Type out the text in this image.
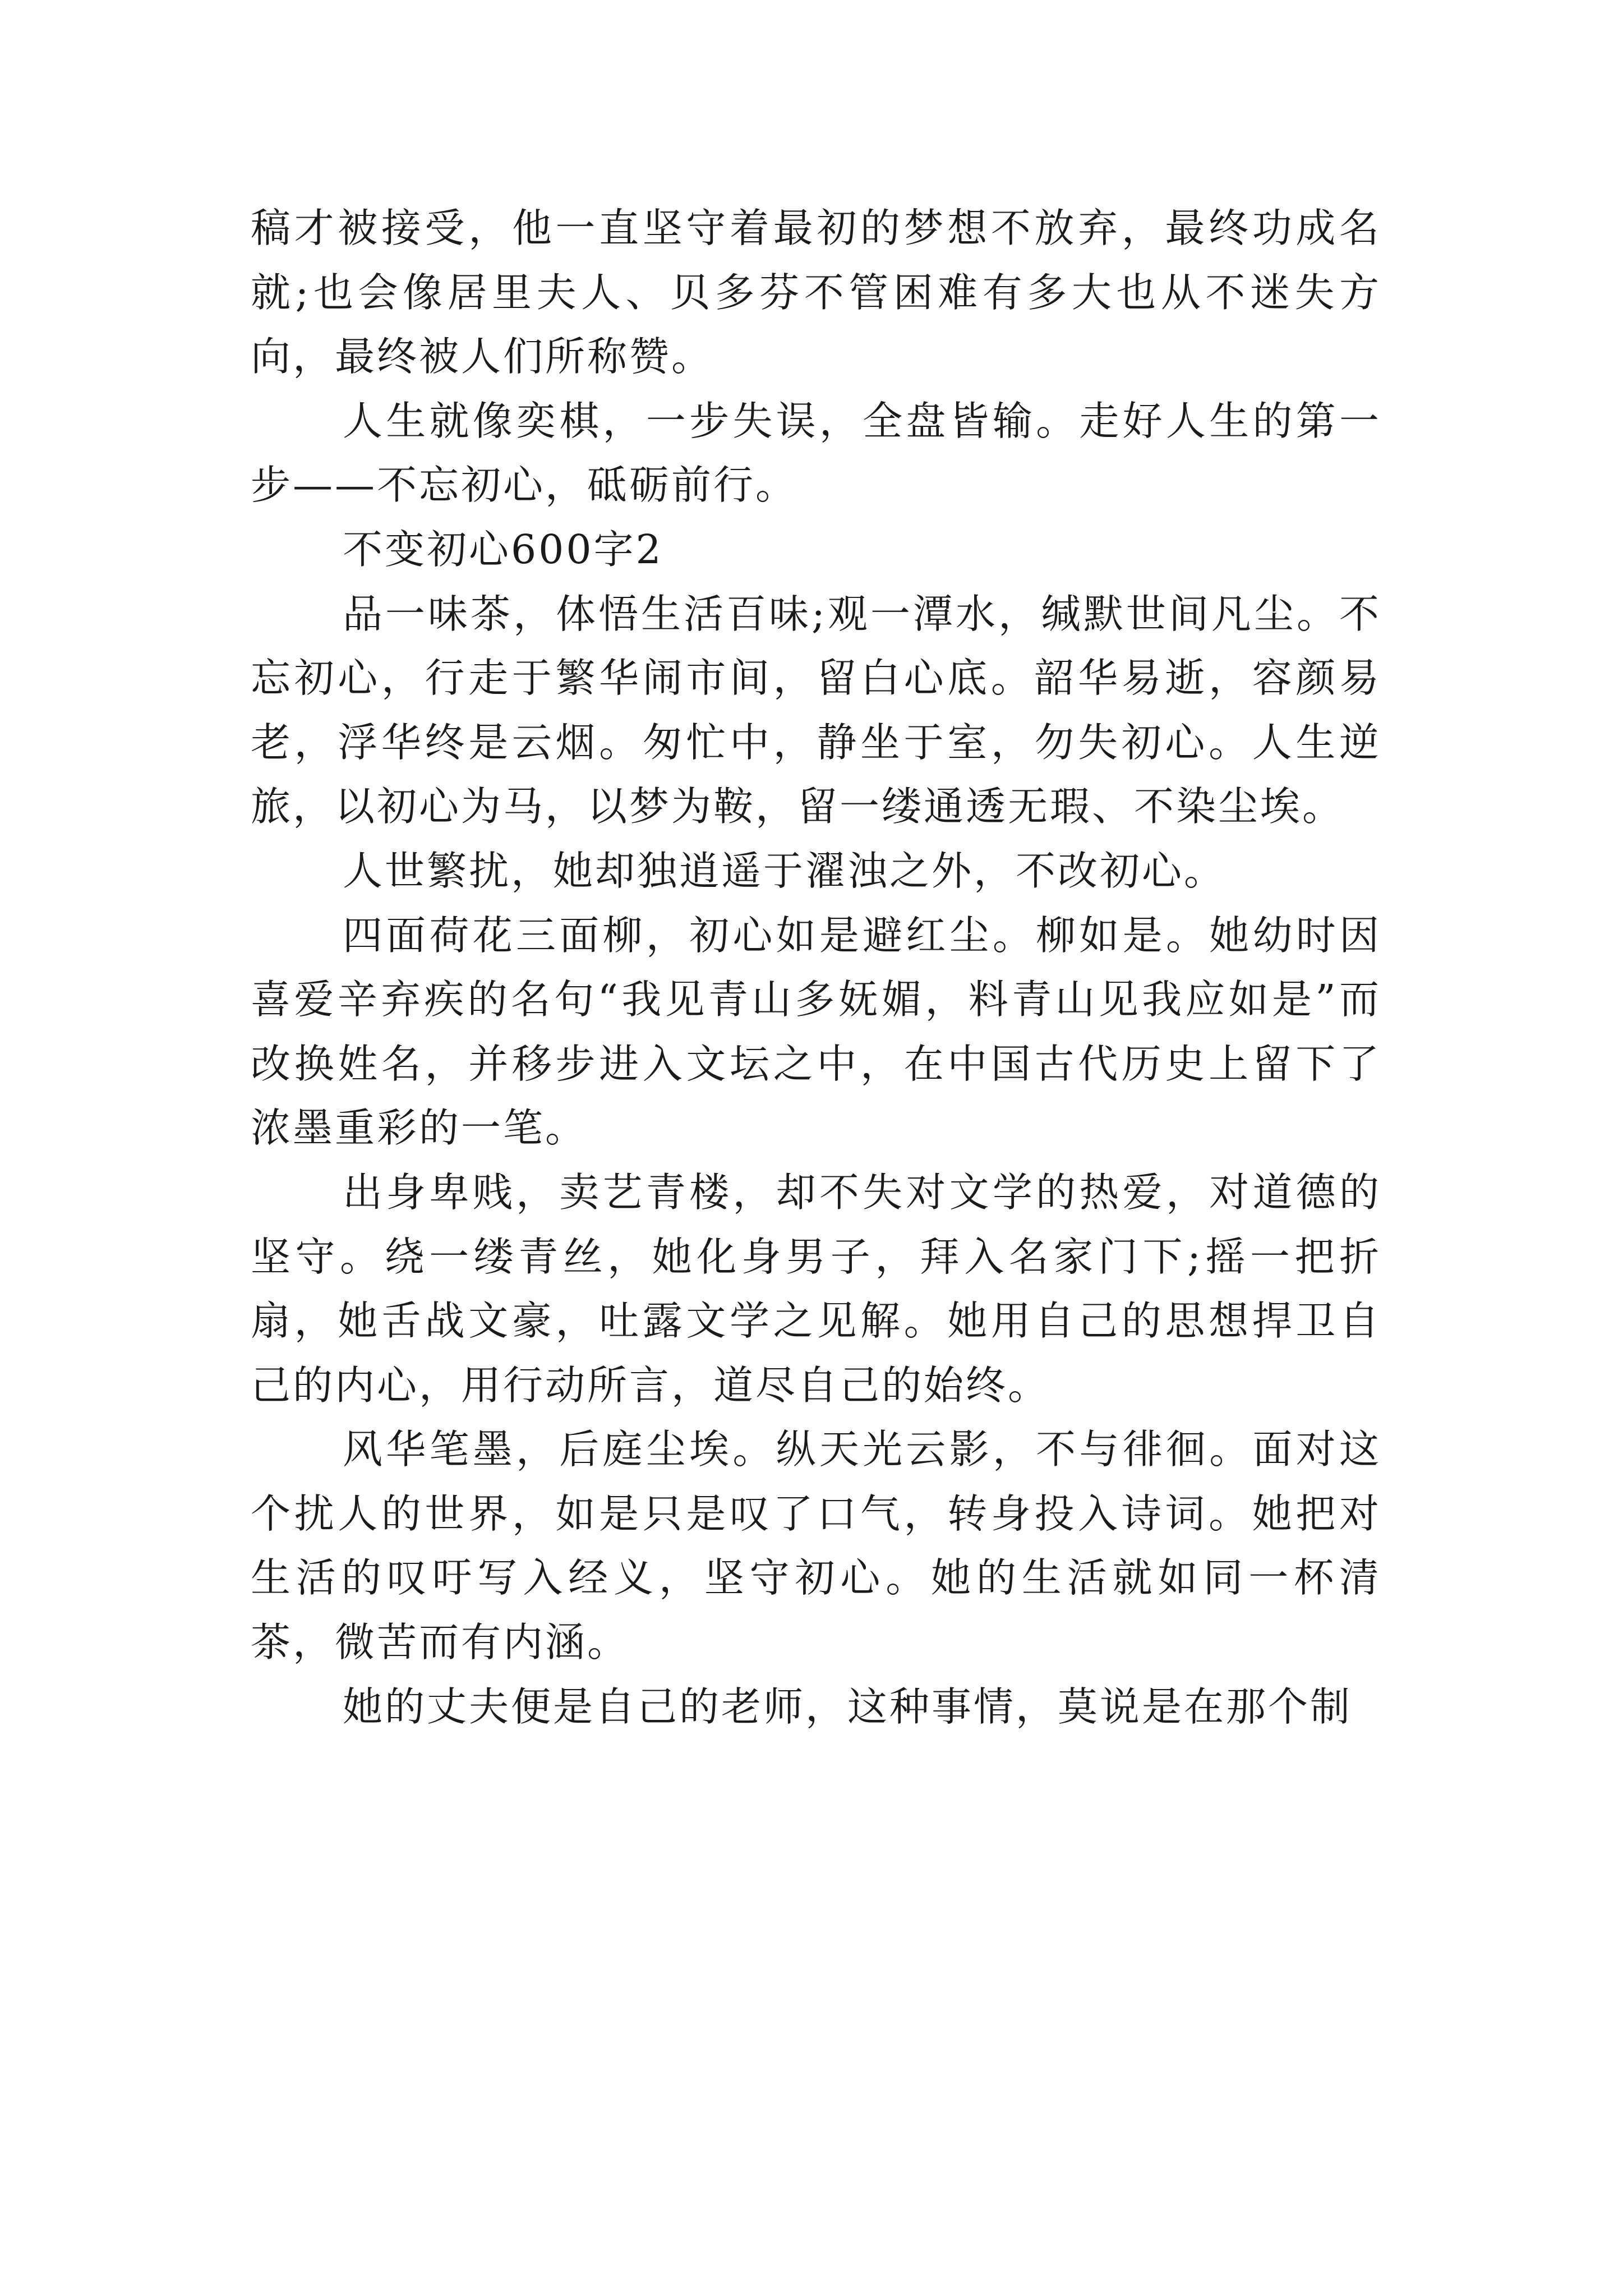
稿才被接受，他一直坚守着最初的梦想不放弃，最终功成名就;也会像居里夫人、贝多芬不管困难有多大也从不迷失方向，最终被人们所称赞。

人生就像奕棋，一步失误，全盘皆输。走好人生的第一步——不忘初心，砥砺前行。

不变初心600字2

品一味茶，体悟生活百味;观一潭水，缄默世间凡尘。不忘初心，行走于繁华闹市间，留白心底。韶华易逝，容颜易老，浮华终是云烟。匆忙中，静坐于室，勿失初心。人生逆旅，以初心为马，以梦为鞍，留一缕通透无瑕、不染尘埃。

人世繁扰，她却独逍遥于濯浊之外，不改初心。

四面荷花三面柳，初心如是避红尘。柳如是。她幼时因喜爱辛弃疾的名句“我见青山多妩媚，料青山见我应如是”而改换姓名，并移步进入文坛之中，在中国古代历史上留下了浓墨重彩的一笔。

出身卑贱，卖艺青楼，却不失对文学的热爱，对道德的坚守。绕一缕青丝，她化身男子，拜入名家门下;摇一把折扇，她舌战文豪，吐露文学之见解。她用自己的思想捍卫自己的内心，用行动所言，道尽自己的始终。

风华笔墨，后庭尘埃。纵天光云影，不与徘徊。面对这个扰人的世界，如是只是叹了口气，转身投入诗词。她把对生活的叹吁写入经义，坚守初心。她的生活就如同一杯清茶，微苦而有内涵。

她的丈夫便是自己的老师，这种事情，莫说是在那个制
